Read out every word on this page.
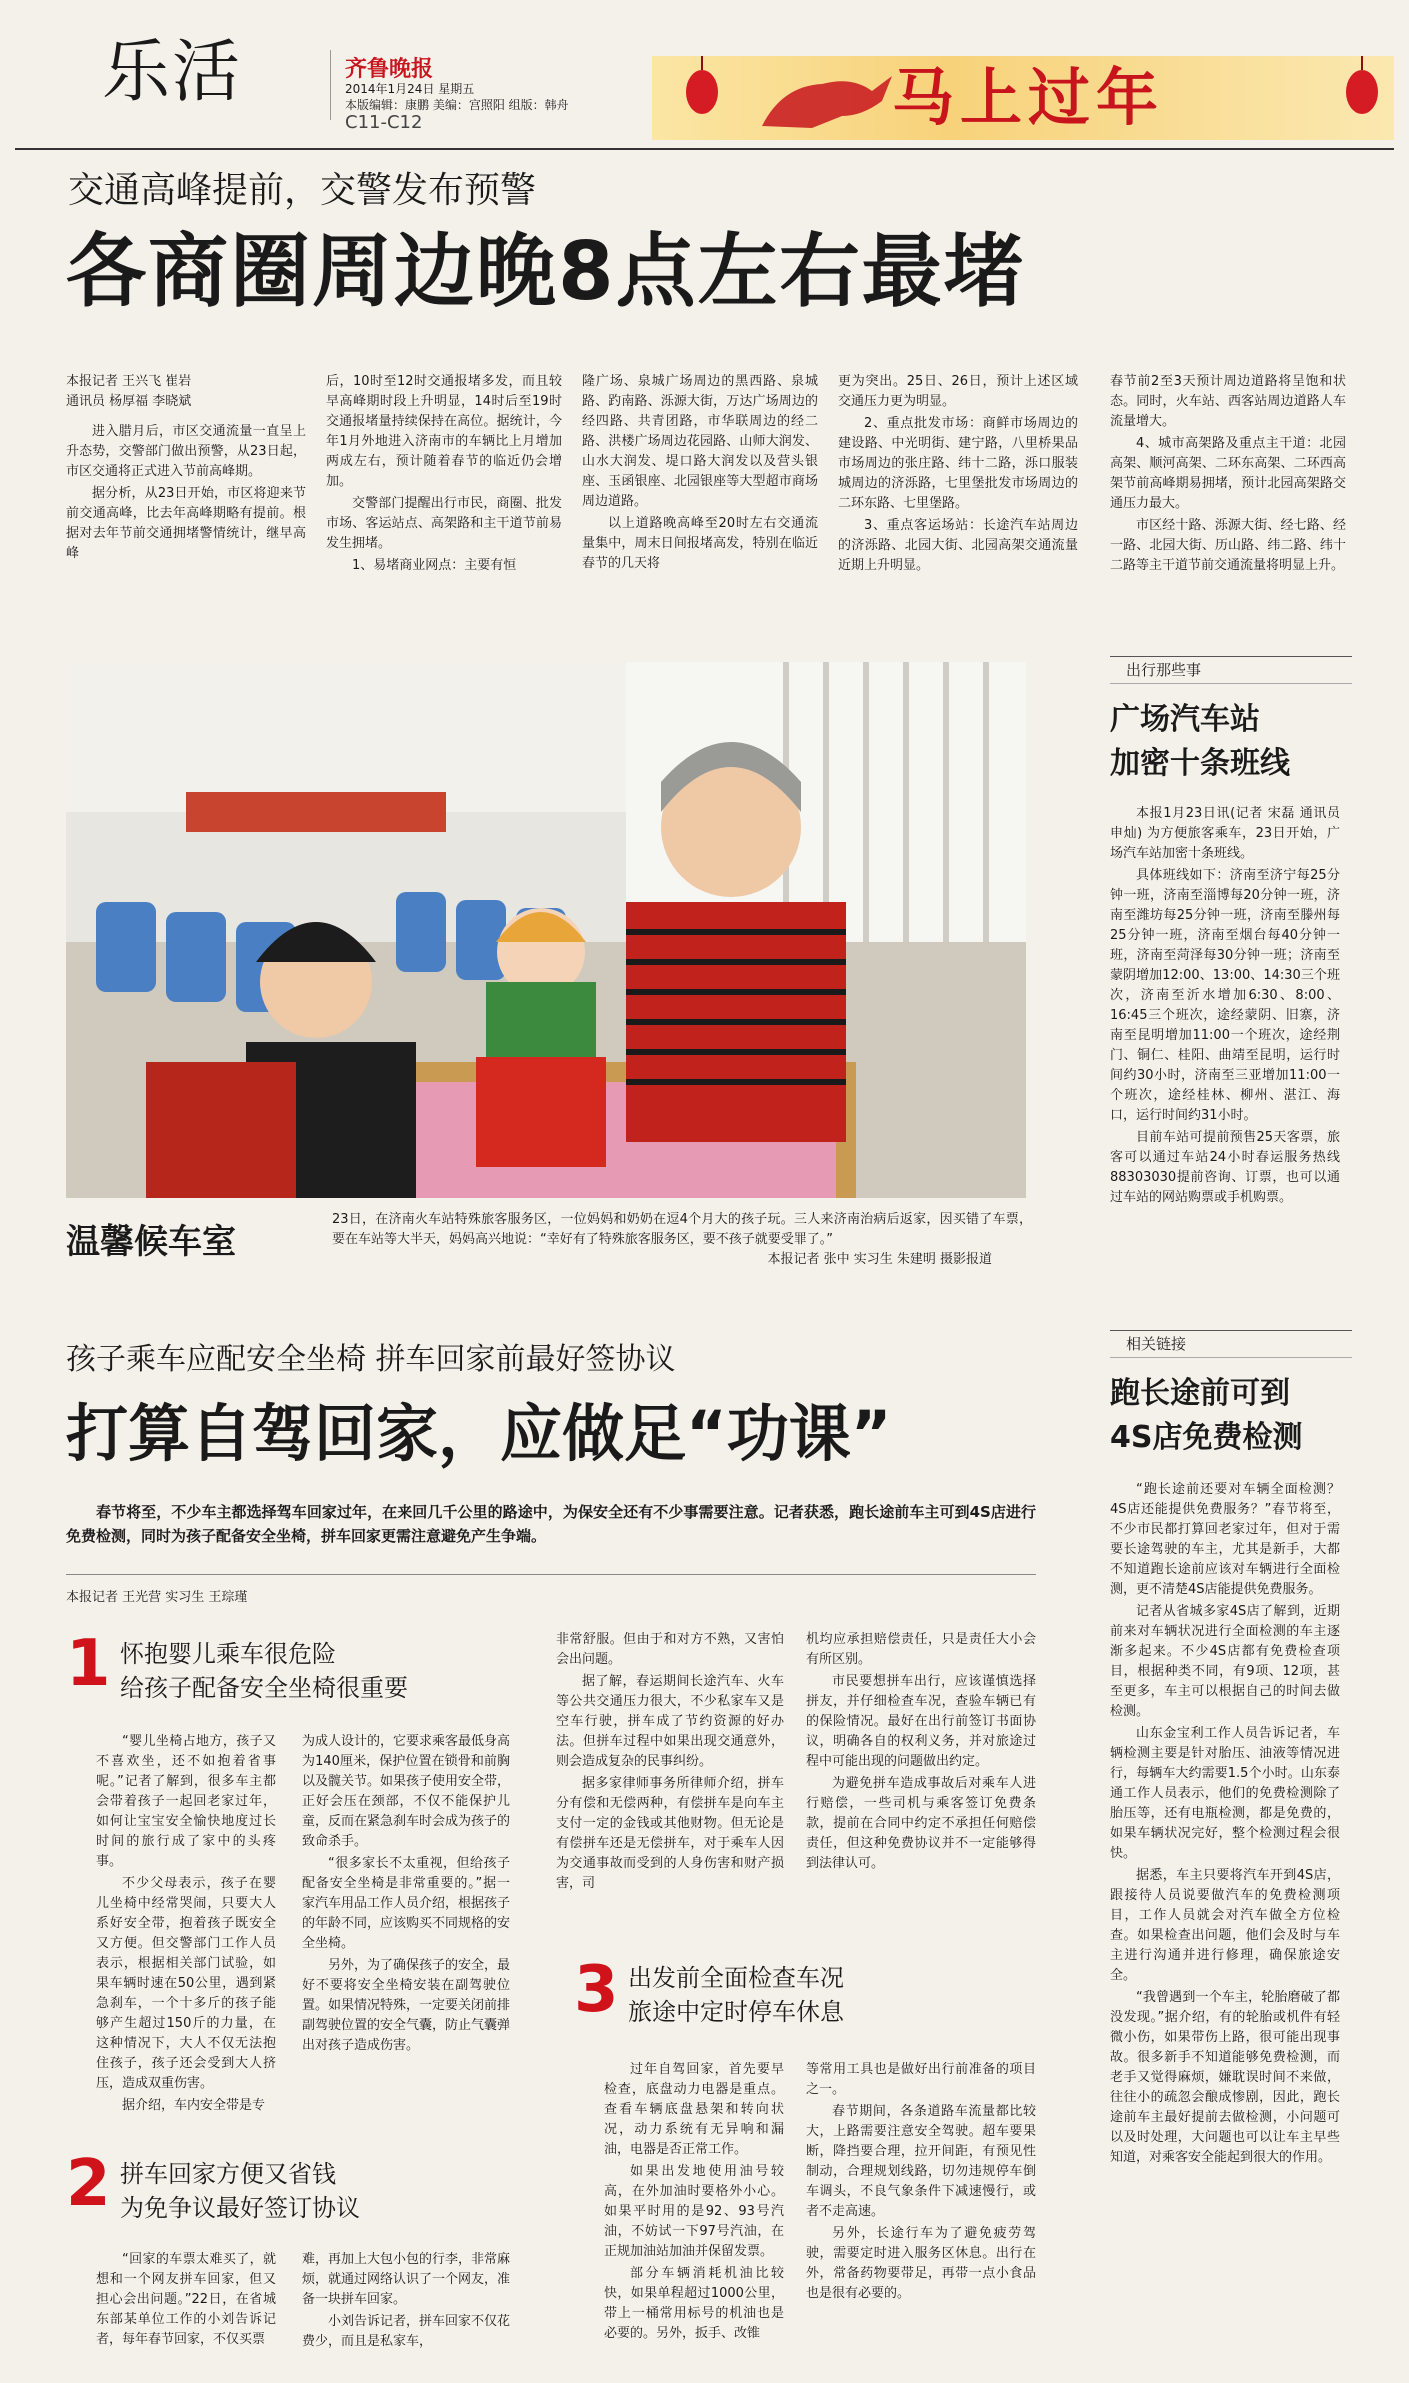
乐活	齐鲁晚报
2014年1月24日 星期五
本版编辑：康鹏 美编：宫照阳 组版：韩舟
C11-C12	马上过年
交通高峰提前，交警发布预警
各商圈周边晚8点左右最堵
本报记者 王兴飞 崔岩
通讯员 杨厚福 李晓斌

进入腊月后，市区交通流量一直呈上升态势，交警部门做出预警，从23日起，市区交通将正式进入节前高峰期。

据分析，从23日开始，市区将迎来节前交通高峰，比去年高峰期略有提前。根据对去年节前交通拥堵警情统计，继早高峰

后，10时至12时交通报堵多发，而且较早高峰期时段上升明显，14时后至19时交通报堵量持续保持在高位。据统计，今年1月外地进入济南市的车辆比上月增加两成左右，预计随着春节的临近仍会增加。

交警部门提醒出行市民，商圈、批发市场、客运站点、高架路和主干道节前易发生拥堵。

1、易堵商业网点：主要有恒

隆广场、泉城广场周边的黑西路、泉城路、趵南路、泺源大街，万达广场周边的经四路、共青团路，市华联周边的经二路、洪楼广场周边花园路、山师大润发、山水大润发、堤口路大润发以及营头银座、玉函银座、北园银座等大型超市商场周边道路。

以上道路晚高峰至20时左右交通流量集中，周末日间报堵高发，特别在临近春节的几天将

更为突出。25日、26日，预计上述区域交通压力更为明显。

2、重点批发市场：商鲜市场周边的建设路、中光明街、建宁路，八里桥果品市场周边的张庄路、纬十二路，泺口服装城周边的济泺路，七里堡批发市场周边的二环东路、七里堡路。

3、重点客运场站：长途汽车站周边的济泺路、北园大街、北园高架交通流量近期上升明显。

春节前2至3天预计周边道路将呈饱和状态。同时，火车站、西客站周边道路人车流量增大。

4、城市高架路及重点主干道：北园高架、顺河高架、二环东高架、二环西高架节前高峰期易拥堵，预计北园高架路交通压力最大。

市区经十路、泺源大街、经七路、经一路、北园大街、历山路、纬二路、纬十二路等主干道节前交通流量将明显上升。

温馨候车室

23日，在济南火车站特殊旅客服务区，一位妈妈和奶奶在逗4个月大的孩子玩。三人来济南治病后返家，因买错了车票，要在车站等大半天，妈妈高兴地说：“幸好有了特殊旅客服务区，要不孩子就要受罪了。”

本报记者 张中 实习生 朱建明 摄影报道

出行那些事
广场汽车站
加密十条班线

本报1月23日讯(记者 宋磊 通讯员 申灿) 为方便旅客乘车，23日开始，广场汽车站加密十条班线。

具体班线如下：济南至济宁每25分钟一班，济南至淄博每20分钟一班，济南至潍坊每25分钟一班，济南至滕州每25分钟一班，济南至烟台每40分钟一班，济南至菏泽每30分钟一班；济南至蒙阴增加12:00、13:00、14:30三个班次，济南至沂水增加6:30、8:00、16:45三个班次，途经蒙阴、旧寨，济南至昆明增加11:00一个班次，途经荆门、铜仁、桂阳、曲靖至昆明，运行时间约30小时，济南至三亚增加11:00一个班次，途经桂林、柳州、湛江、海口，运行时间约31小时。

目前车站可提前预售25天客票，旅客可以通过车站24小时春运服务热线88303030提前咨询、订票，也可以通过车站的网站购票或手机购票。

孩子乘车应配安全坐椅 拼车回家前最好签协议
打算自驾回家，应做足“功课”

春节将至，不少车主都选择驾车回家过年，在来回几千公里的路途中，为保安全还有不少事需要注意。记者获悉，跑长途前车主可到4S店进行免费检测，同时为孩子配备安全坐椅，拼车回家更需注意避免产生争端。

本报记者 王光营 实习生 王琮瑾
1 怀抱婴儿乘车很危险
给孩子配备安全坐椅很重要

“婴儿坐椅占地方，孩子又不喜欢坐，还不如抱着省事呢。”记者了解到，很多车主都会带着孩子一起回老家过年，如何让宝宝安全愉快地度过长时间的旅行成了家中的头疼事。

不少父母表示，孩子在婴儿坐椅中经常哭闹，只要大人系好安全带，抱着孩子既安全又方便。但交警部门工作人员表示，根据相关部门试验，如果车辆时速在50公里，遇到紧急刹车，一个十多斤的孩子能够产生超过150斤的力量，在这种情况下，大人不仅无法抱住孩子，孩子还会受到大人挤压，造成双重伤害。

据介绍，车内安全带是专

为成人设计的，它要求乘客最低身高为140厘米，保护位置在锁骨和前胸以及髋关节。如果孩子使用安全带，正好会压在颈部，不仅不能保护儿童，反而在紧急刹车时会成为孩子的致命杀手。

“很多家长不太重视，但给孩子配备安全坐椅是非常重要的。”据一家汽车用品工作人员介绍，根据孩子的年龄不同，应该购买不同规格的安全坐椅。

另外，为了确保孩子的安全，最好不要将安全坐椅安装在副驾驶位置。如果情况特殊，一定要关闭前排副驾驶位置的安全气囊，防止气囊弹出对孩子造成伤害。

2 拼车回家方便又省钱
为免争议最好签订协议

“回家的车票太难买了，就想和一个网友拼车回家，但又担心会出问题。”22日，在省城东部某单位工作的小刘告诉记者，每年春节回家，不仅买票

难，再加上大包小包的行李，非常麻烦，就通过网络认识了一个网友，准备一块拼车回家。

小刘告诉记者，拼车回家不仅花费少，而且是私家车，

非常舒服。但由于和对方不熟，又害怕会出问题。

据了解，春运期间长途汽车、火车等公共交通压力很大，不少私家车又是空车行驶，拼车成了节约资源的好办法。但拼车过程中如果出现交通意外，则会造成复杂的民事纠纷。

据多家律师事务所律师介绍，拼车分有偿和无偿两种，有偿拼车是向车主支付一定的金钱或其他财物。但无论是有偿拼车还是无偿拼车，对于乘车人因为交通事故而受到的人身伤害和财产损害，司

机均应承担赔偿责任，只是责任大小会有所区别。

市民要想拼车出行，应该谨慎选择拼友，并仔细检查车况，查验车辆已有的保险情况。最好在出行前签订书面协议，明确各自的权利义务，并对旅途过程中可能出现的问题做出约定。

为避免拼车造成事故后对乘车人进行赔偿，一些司机与乘客签订免费条款，提前在合同中约定不承担任何赔偿责任，但这种免费协议并不一定能够得到法律认可。

3 出发前全面检查车况
旅途中定时停车休息

过年自驾回家，首先要早检查，底盘动力电器是重点。查看车辆底盘悬架和转向状况，动力系统有无异响和漏油，电器是否正常工作。

如果出发地使用油号较高，在外加油时要格外小心。如果平时用的是92、93号汽油，不妨试一下97号汽油，在正规加油站加油并保留发票。

部分车辆消耗机油比较快，如果单程超过1000公里，带上一桶常用标号的机油也是必要的。另外，扳手、改锥

等常用工具也是做好出行前准备的项目之一。

春节期间，各条道路车流量都比较大，上路需要注意安全驾驶。超车要果断，降挡要合理，拉开间距，有预见性制动，合理规划线路，切勿违规停车倒车调头，不良气象条件下减速慢行，或者不走高速。

另外，长途行车为了避免疲劳驾驶，需要定时进入服务区休息。出行在外，常备药物要带足，再带一点小食品也是很有必要的。

相关链接
跑长途前可到
4S店免费检测

“跑长途前还要对车辆全面检测？4S店还能提供免费服务？”春节将至，不少市民都打算回老家过年，但对于需要长途驾驶的车主，尤其是新手，大都不知道跑长途前应该对车辆进行全面检测，更不清楚4S店能提供免费服务。

记者从省城多家4S店了解到，近期前来对车辆状况进行全面检测的车主逐渐多起来。不少4S店都有免费检查项目，根据种类不同，有9项、12项，甚至更多，车主可以根据自己的时间去做检测。

山东金宝利工作人员告诉记者，车辆检测主要是针对胎压、油液等情况进行，每辆车大约需要1.5个小时。山东泰通工作人员表示，他们的免费检测除了胎压等，还有电瓶检测，都是免费的，如果车辆状况完好，整个检测过程会很快。

据悉，车主只要将汽车开到4S店，跟接待人员说要做汽车的免费检测项目，工作人员就会对汽车做全方位检查。如果检查出问题，他们会及时与车主进行沟通并进行修理，确保旅途安全。

“我曾遇到一个车主，轮胎磨破了都没发现。”据介绍，有的轮胎或机件有轻微小伤，如果带伤上路，很可能出现事故。很多新手不知道能够免费检测，而老手又觉得麻烦，嫌耽误时间不来做，往往小的疏忽会酿成惨剧，因此，跑长途前车主最好提前去做检测，小问题可以及时处理，大问题也可以让车主早些知道，对乘客安全能起到很大的作用。
